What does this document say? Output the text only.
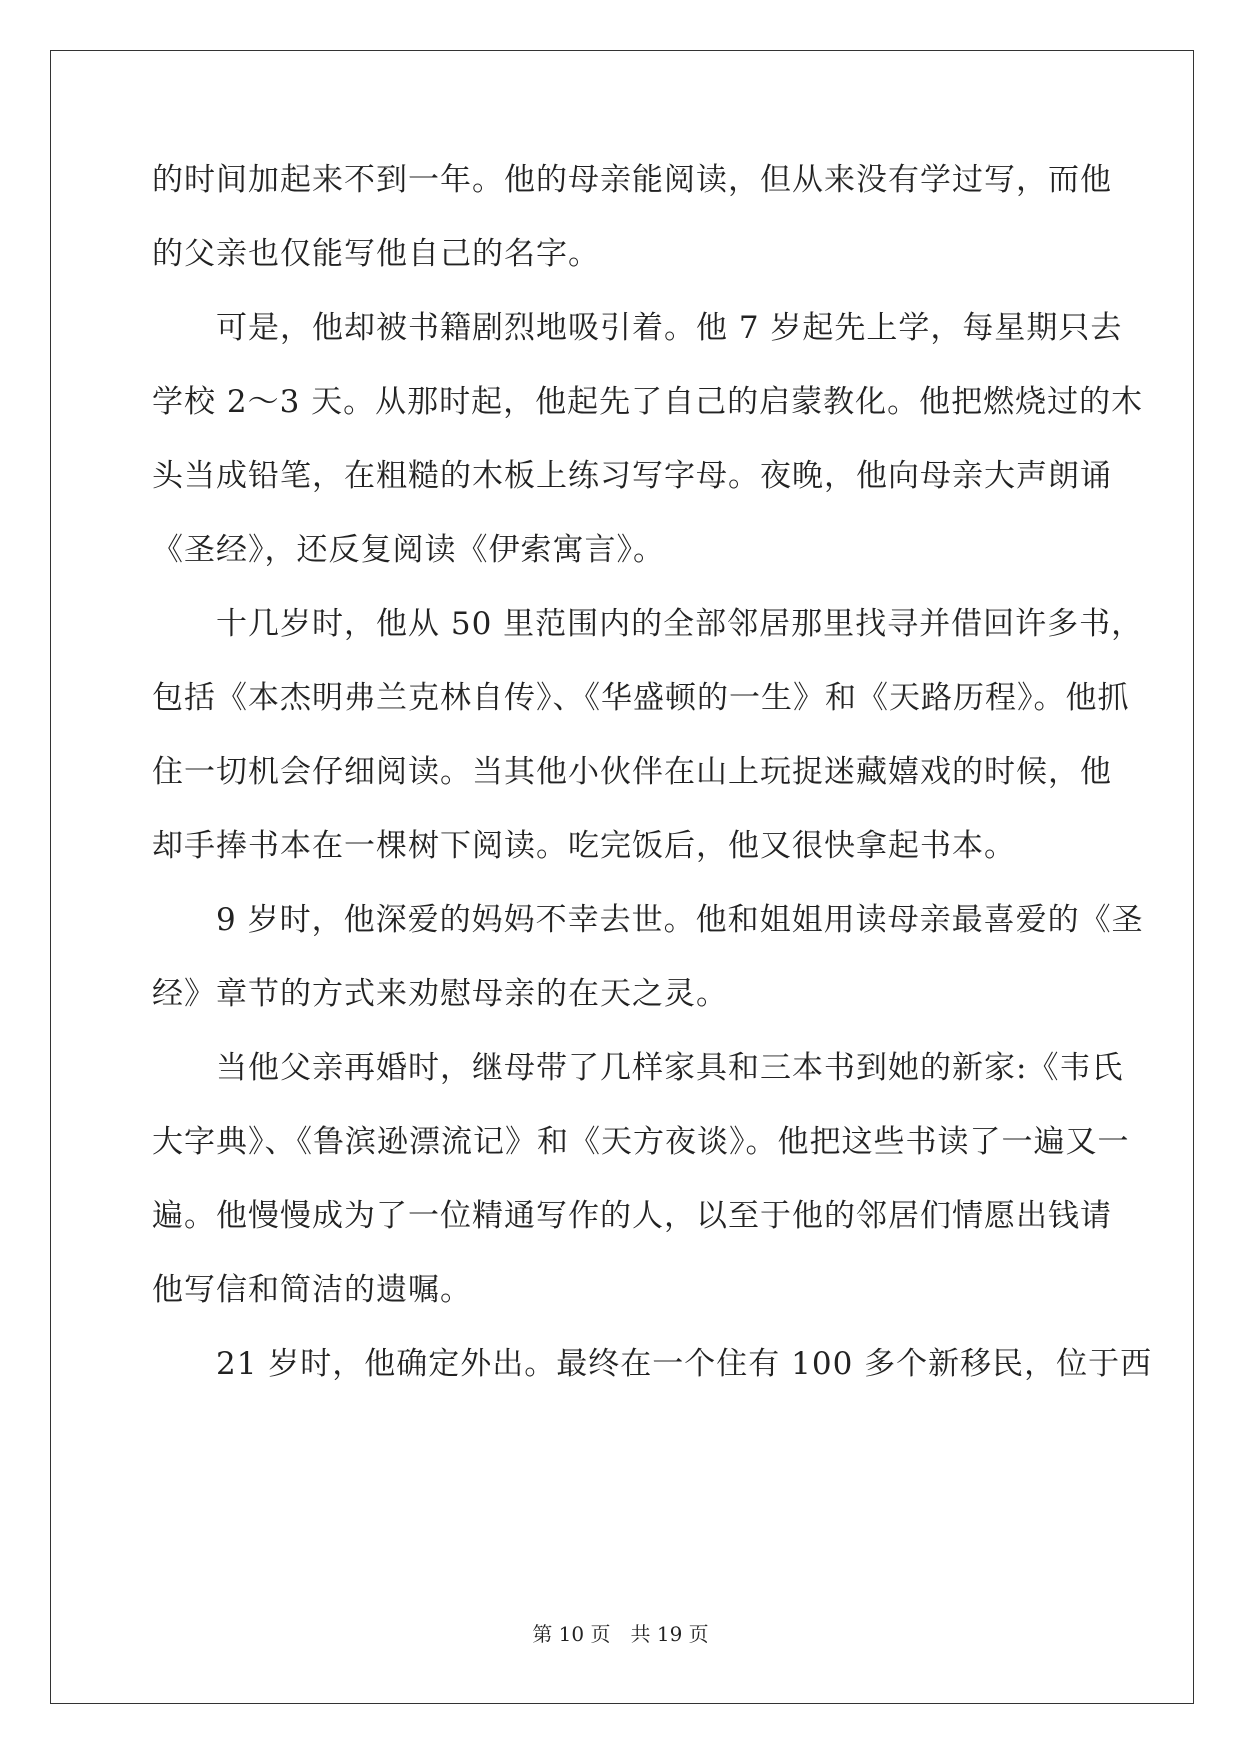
的时间加起来不到一年。他的母亲能阅读，但从来没有学过写，而他
的父亲也仅能写他自己的名字。
　　可是，他却被书籍剧烈地吸引着。他 7 岁起先上学，每星期只去
学校 2～3 天。从那时起，他起先了自己的启蒙教化。他把燃烧过的木
头当成铅笔，在粗糙的木板上练习写字母。夜晚，他向母亲大声朗诵
《圣经》，还反复阅读《伊索寓言》。
　　十几岁时，他从 50 里范围内的全部邻居那里找寻并借回许多书，
包括《本杰明弗兰克林自传》、《华盛顿的一生》和《天路历程》。他抓
住一切机会仔细阅读。当其他小伙伴在山上玩捉迷藏嬉戏的时候，他
却手捧书本在一棵树下阅读。吃完饭后，他又很快拿起书本。
　　9 岁时，他深爱的妈妈不幸去世。他和姐姐用读母亲最喜爱的《圣
经》章节的方式来劝慰母亲的在天之灵。
　　当他父亲再婚时，继母带了几样家具和三本书到她的新家:《韦氏
大字典》、《鲁滨逊漂流记》和《天方夜谈》。他把这些书读了一遍又一
遍。他慢慢成为了一位精通写作的人，以至于他的邻居们情愿出钱请
他写信和简洁的遗嘱。
　　21 岁时，他确定外出。最终在一个住有 100 多个新移民，位于西
第 10 页　共 19 页
